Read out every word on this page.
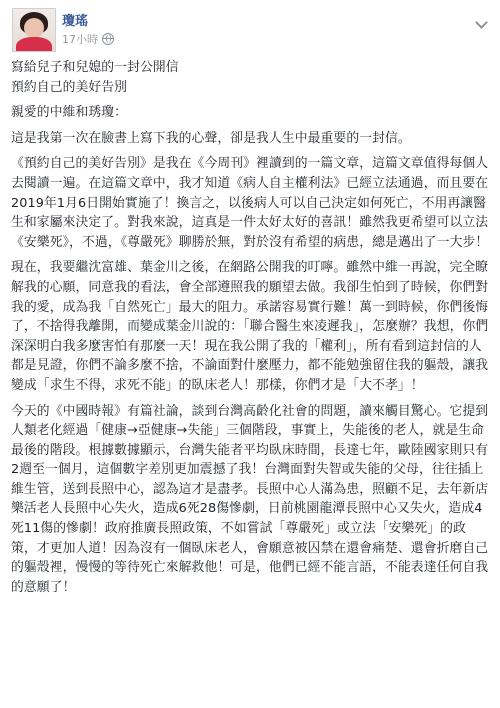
瓊瑤
17小時
寫給兒子和兒媳的一封公開信
預約自己的美好告別
親愛的中維和琇瓊：
這是我第一次在臉書上寫下我的心聲，卻是我人生中最重要的一封信。
《預約自己的美好告別》是我在《今周刊》裡讀到的一篇文章，這篇文章值得每個人去閱讀一遍。在這篇文章中，我才知道《病人自主權利法》已經立法通過，而且要在2019年1月6日開始實施了！換言之，以後病人可以自己決定如何死亡，不用再讓醫生和家屬來決定了。對我來說，這真是一件太好太好的喜訊！雖然我更希望可以立法《安樂死》，不過，《尊嚴死》聊勝於無，對於沒有希望的病患，總是邁出了一大步！
現在，我要繼沈富雄、葉金川之後，在網路公開我的叮嚀。雖然中維一再說，完全瞭解我的心願，同意我的看法，會全部遵照我的願望去做。我卻生怕到了時候，你們對我的愛，成為我「自然死亡」最大的阻力。承諾容易實行難！萬一到時候，你們後悔了，不捨得我離開，而變成葉金川說的：「聯合醫生來凌遲我」，怎麼辦？我想，你們深深明白我多麼害怕有那麼一天！現在我公開了我的「權利」，所有看到這封信的人都是見證，你們不論多麼不捨，不論面對什麼壓力，都不能勉強留住我的軀殼，讓我變成「求生不得，求死不能」的臥床老人！那樣，你們才是「大不孝」！
今天的《中國時報》有篇社論，談到台灣高齡化社會的問題，讀來觸目驚心。它提到人類老化經過「健康→亞健康→失能」三個階段，事實上，失能後的老人，就是生命最後的階段。根據數據顯示，台灣失能者平均臥床時間，長達七年，歐陸國家則只有2週至一個月，這個數字差別更加震撼了我！台灣面對失智或失能的父母，往往插上維生管，送到長照中心，認為這才是盡孝。長照中心人滿為患，照顧不足，去年新店樂活老人長照中心失火，造成6死28傷慘劇，日前桃園龍潭長照中心又失火，造成4死11傷的慘劇！政府推廣長照政策，不如嘗試「尊嚴死」或立法「安樂死」的政策，才更加人道！因為沒有一個臥床老人，會願意被囚禁在還會痛楚、還會折磨自己的軀殼裡，慢慢的等待死亡來解救他！可是，他們已經不能言語，不能表達任何自我的意願了！
